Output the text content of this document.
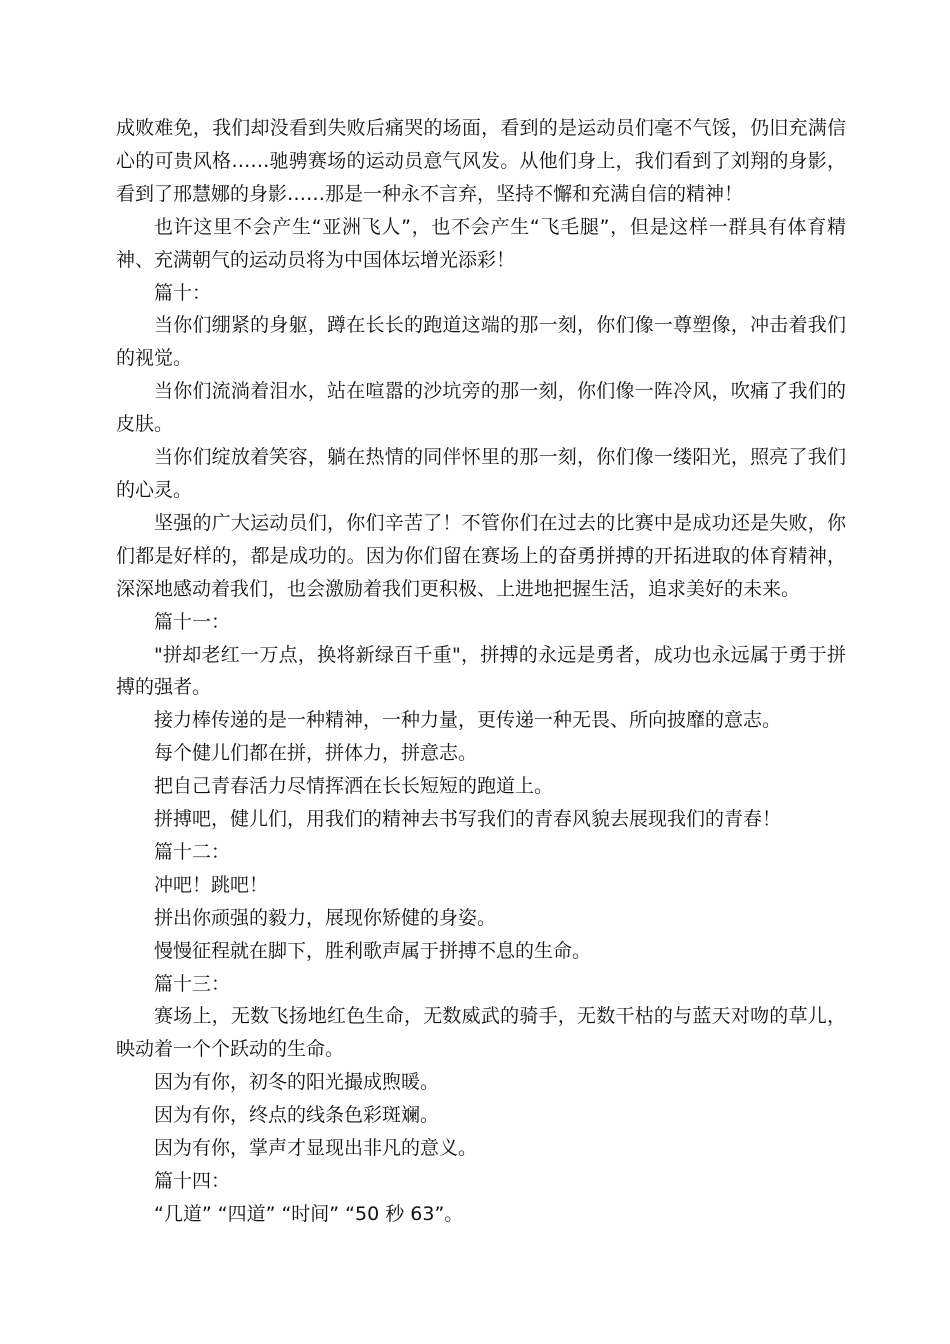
成败难免，我们却没看到失败后痛哭的场面，看到的是运动员们毫不气馁，仍旧充满信心的可贵风格……驰骋赛场的运动员意气风发。从他们身上，我们看到了刘翔的身影，看到了邢慧娜的身影……那是一种永不言弃，坚持不懈和充满自信的精神！

也许这里不会产生“亚洲飞人”，也不会产生“飞毛腿”，但是这样一群具有体育精神、充满朝气的运动员将为中国体坛增光添彩！

篇十：

当你们绷紧的身躯，蹲在长长的跑道这端的那一刻，你们像一尊塑像，冲击着我们的视觉。

当你们流淌着泪水，站在喧嚣的沙坑旁的那一刻，你们像一阵冷风，吹痛了我们的皮肤。

当你们绽放着笑容，躺在热情的同伴怀里的那一刻，你们像一缕阳光，照亮了我们的心灵。

坚强的广大运动员们，你们辛苦了！不管你们在过去的比赛中是成功还是失败，你们都是好样的，都是成功的。因为你们留在赛场上的奋勇拼搏的开拓进取的体育精神，深深地感动着我们，也会激励着我们更积极、上进地把握生活，追求美好的未来。

篇十一：

"拼却老红一万点，换将新绿百千重"，拼搏的永远是勇者，成功也永远属于勇于拼搏的强者。

接力棒传递的是一种精神，一种力量，更传递一种无畏、所向披靡的意志。

每个健儿们都在拼，拼体力，拼意志。

把自己青春活力尽情挥洒在长长短短的跑道上。

拼搏吧，健儿们，用我们的精神去书写我们的青春风貌去展现我们的青春！

篇十二：

冲吧！跳吧！

拼出你顽强的毅力，展现你矫健的身姿。

慢慢征程就在脚下，胜利歌声属于拼搏不息的生命。

篇十三：

赛场上，无数飞扬地红色生命，无数威武的骑手，无数干枯的与蓝天对吻的草儿，映动着一个个跃动的生命。

因为有你，初冬的阳光撮成煦暖。

因为有你，终点的线条色彩斑斓。

因为有你，掌声才显现出非凡的意义。

篇十四：

“几道” “四道” “时间” “50 秒 63”。
